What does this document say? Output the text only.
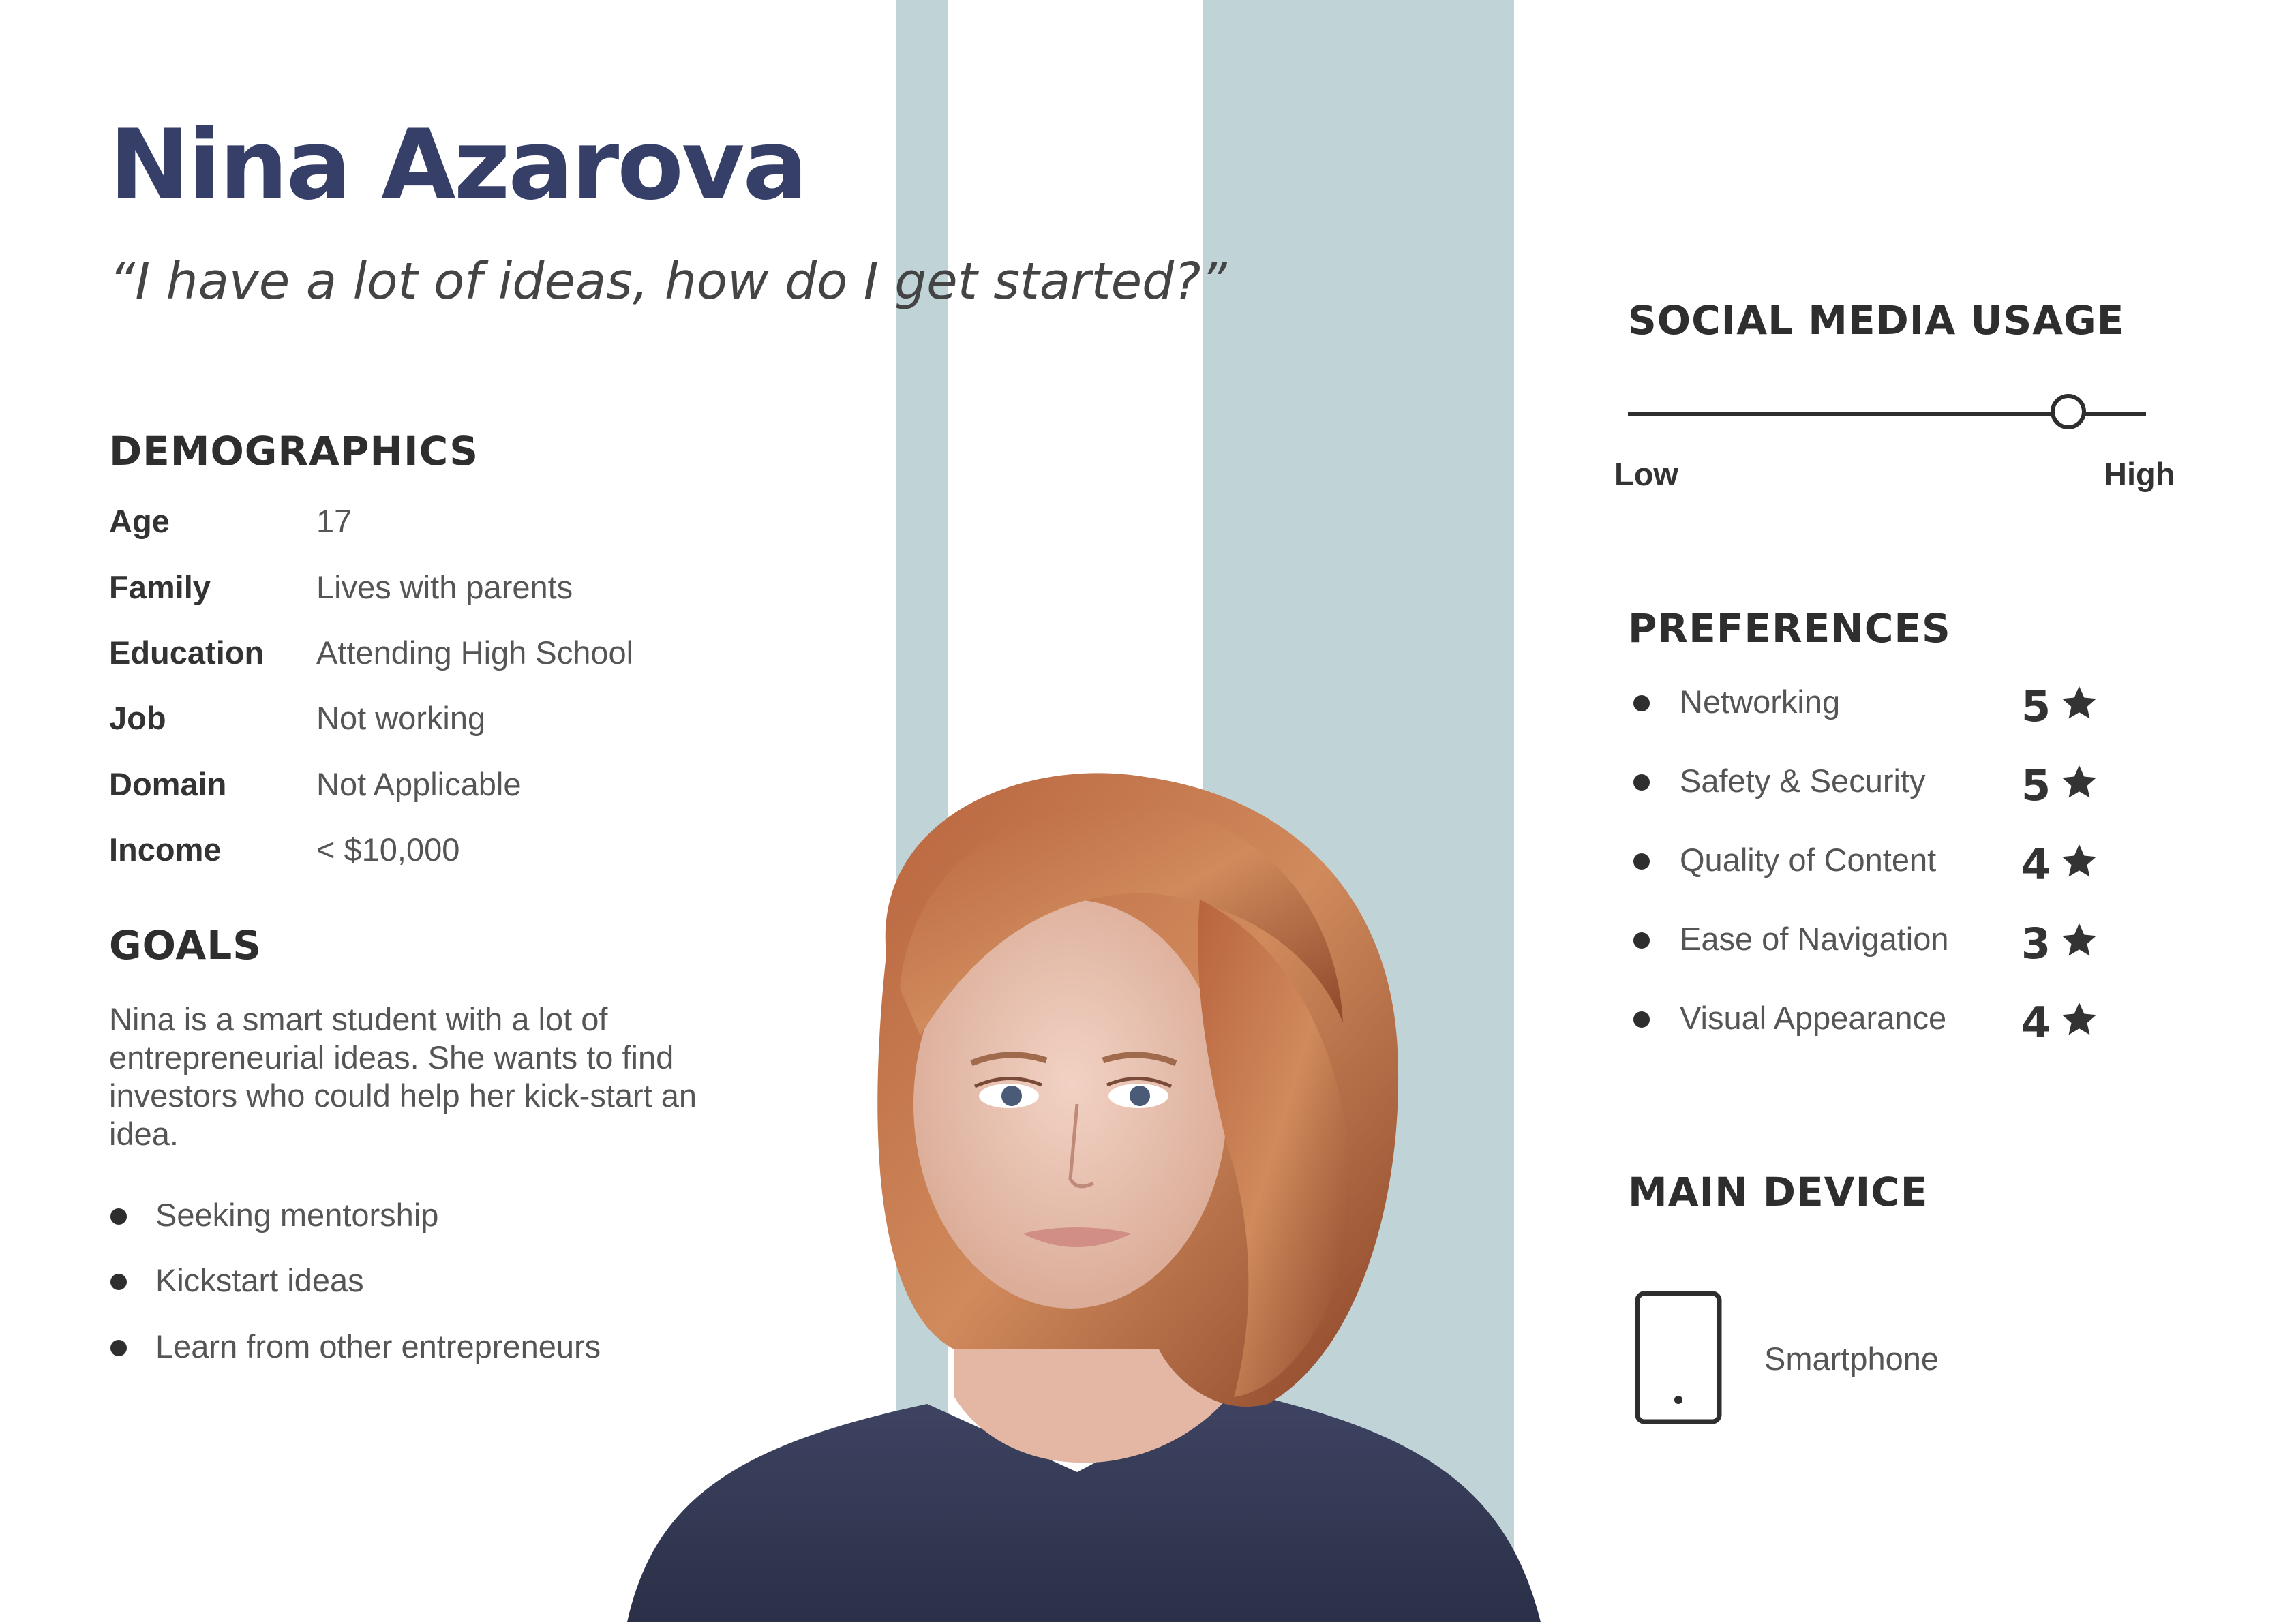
Nina Azarova
“I have a lot of ideas, how do I get started?”
DEMOGRAPHICS
Age	17
Family	Lives with parents
Education Attending High School
Job	Not working
Domain	Not Applicable
Income	< $10,000
GOALS
Nina is a smart student with a lot of entrepreneurial ideas. She wants to find investors who could help her kick-start an idea.
Seeking mentorship
Kickstart ideas
Learn from other entrepreneurs
SOCIAL MEDIA USAGE
Low	High
PREFERENCES
Networking	5
Safety & Security 5
Quality of Content 4
Ease of Navigation 3
Visual Appearance 4
MAIN DEVICE
Smartphone
